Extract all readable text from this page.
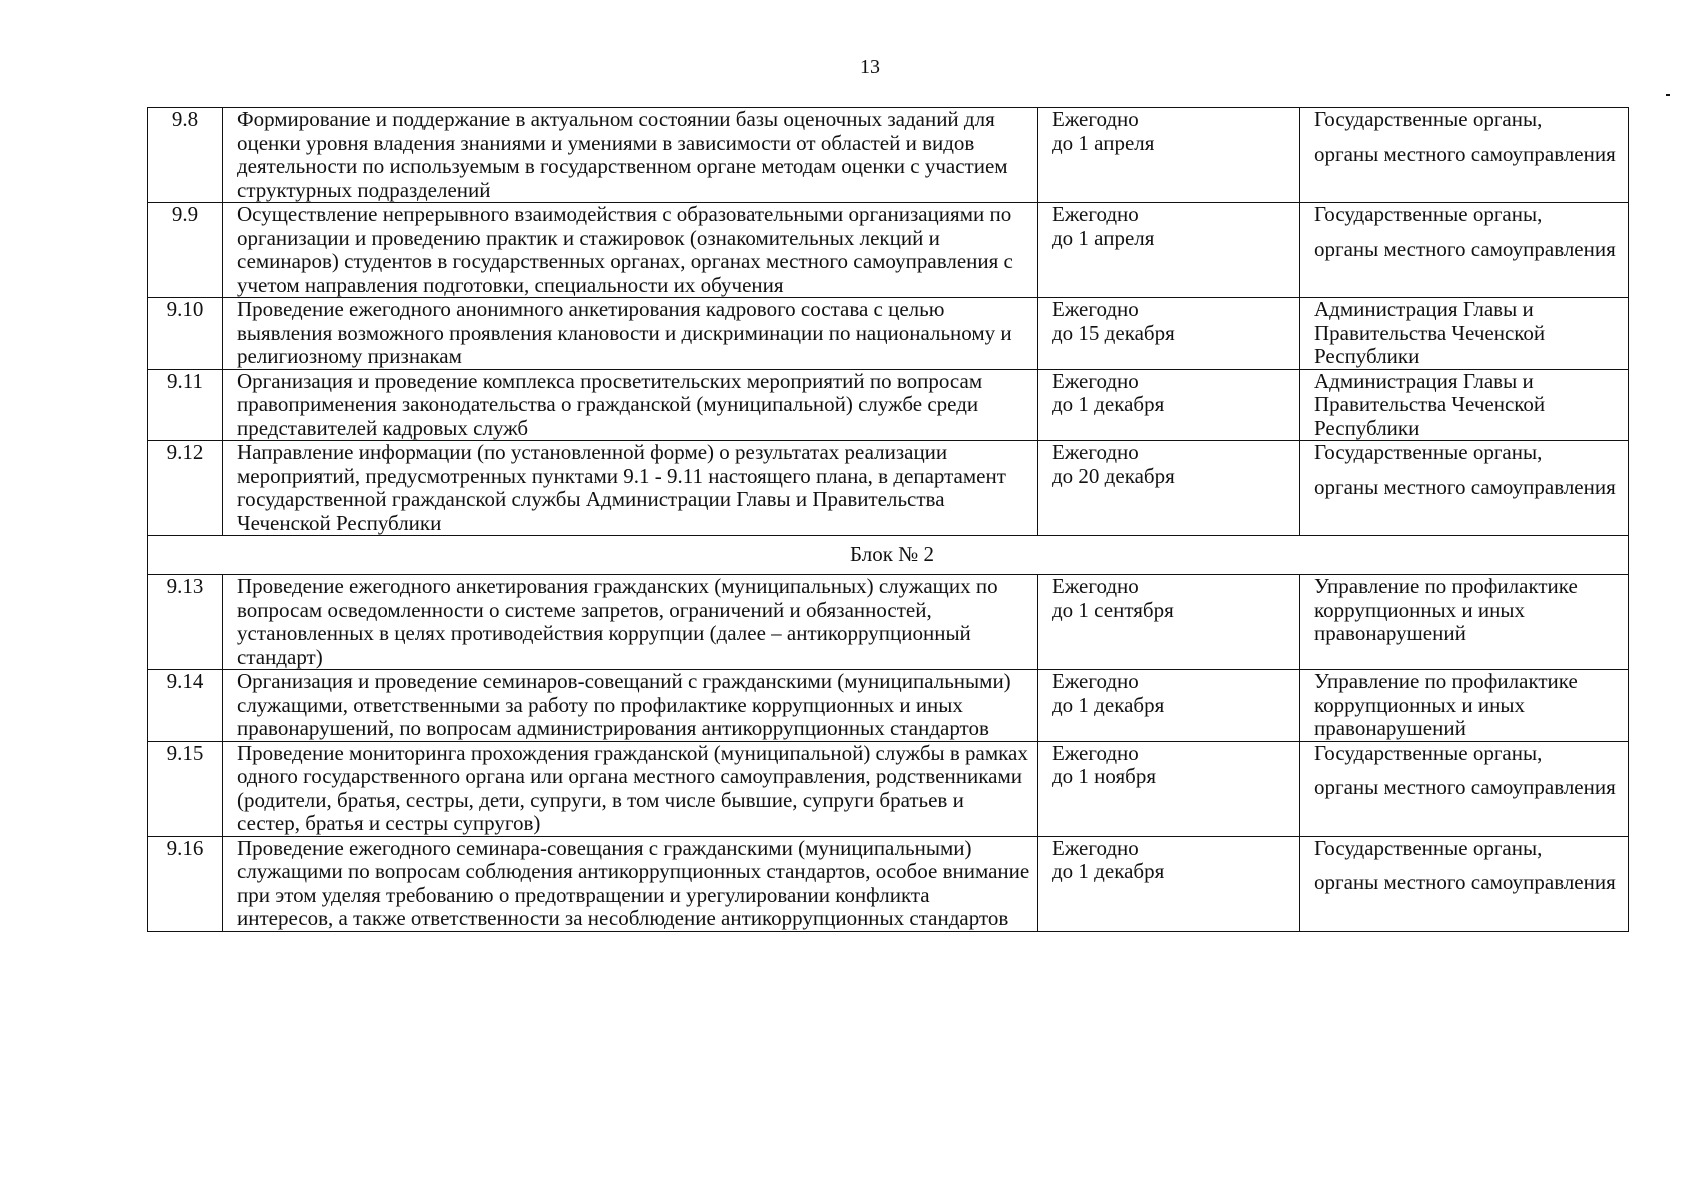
13
9.8	Формирование и поддержание в актуальном состоянии базы оценочных заданий для оценки уровня владения знаниями и умениями в зависимости от областей и видов деятельности по используемым в государственном органе методам оценки с участием структурных подразделений	Ежегодно
до 1 апреля	Государственные органы,
органы местного самоуправления

9.9	Осуществление непрерывного взаимодействия с образовательными организациями по организации и проведению практик и стажировок (ознакомительных лекций и семинаров) студентов в государственных органах, органах местного самоуправления с учетом направления подготовки, специальности их обучения	Ежегодно
до 1 апреля	Государственные органы,
органы местного самоуправления

9.10	Проведение ежегодного анонимного анкетирования кадрового состава с целью выявления возможного проявления клановости и дискриминации по национальному и религиозному признакам	Ежегодно
до 15 декабря	Администрация Главы и Правительства Чеченской Республики

9.11	Организация и проведение комплекса просветительских мероприятий по вопросам правоприменения законодательства о гражданской (муниципальной) службе среди представителей кадровых служб	Ежегодно
до 1 декабря	Администрация Главы и Правительства Чеченской Республики

9.12	Направление информации (по установленной форме) о результатах реализации мероприятий, предусмотренных пунктами 9.1 - 9.11 настоящего плана, в департамент государственной гражданской службы Администрации Главы и Правительства Чеченской Республики	Ежегодно
до 20 декабря	Государственные органы,
органы местного самоуправления

Блок № 2			
9.13	Проведение ежегодного анкетирования гражданских (муниципальных) служащих по вопросам осведомленности о системе запретов, ограничений и обязанностей, установленных в целях противодействия коррупции (далее – антикоррупционный стандарт)	Ежегодно
до 1 сентября	Управление по профилактике коррупционных и иных правонарушений

9.14	Организация и проведение семинаров-совещаний с гражданскими (муниципальными) служащими, ответственными за работу по профилактике коррупционных и иных правонарушений, по вопросам администрирования антикоррупционных стандартов	Ежегодно
до 1 декабря	Управление по профилактике коррупционных и иных правонарушений

9.15	Проведение мониторинга прохождения гражданской (муниципальной) службы в рамках одного государственного органа или органа местного самоуправления, родственниками (родители, братья, сестры, дети, супруги, в том числе бывшие, супруги братьев и сестер, братья и сестры супругов)	Ежегодно
до 1 ноября	Государственные органы,
органы местного самоуправления

9.16	Проведение ежегодного семинара-совещания с гражданскими (муниципальными) служащими по вопросам соблюдения антикоррупционных стандартов, особое внимание при этом уделяя требованию о предотвращении и урегулировании конфликта интересов, а также ответственности за несоблюдение антикоррупционных стандартов	Ежегодно
до 1 декабря	Государственные органы,
органы местного самоуправления
